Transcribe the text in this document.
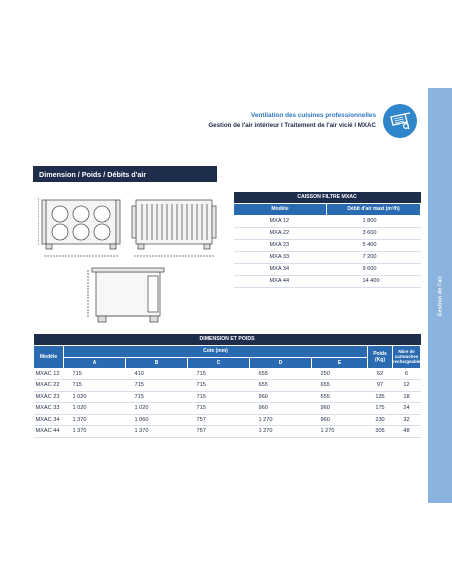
Gestion de l'air
Ventilation des cuisines professionnelles
Gestion de l'air intérieur I Traitement de l'air vicié I MXAC
Dimension / Poids / Débits d'air
CAISSON FILTRE MXAC	
Modèle	Débit d'air maxi (m³/h)
MXA 12	1 800
MXA 22	3 600
MXA 23	5 400
MXA 33	7 200
MXA 34	9 600
MXA 44	14 400
DIMENSION ET POIDS							
Modèle	Cote (mm)					Poids (Kg)	Nbre de cartouches rechargeables
	A	B	C	D	E		
MXAC 12	715	410	715	655	250	62	6
MXAC 22	715	715	715	655	655	97	12
MXAC 23	1 020	715	715	960	655	135	18
MXAC 33	1 020	1 020	715	960	960	175	24
MXAC 34	1 370	1 060	757	1 270	960	230	32
MXAC 44	1 370	1 370	757	1 270	1 270	305	48
